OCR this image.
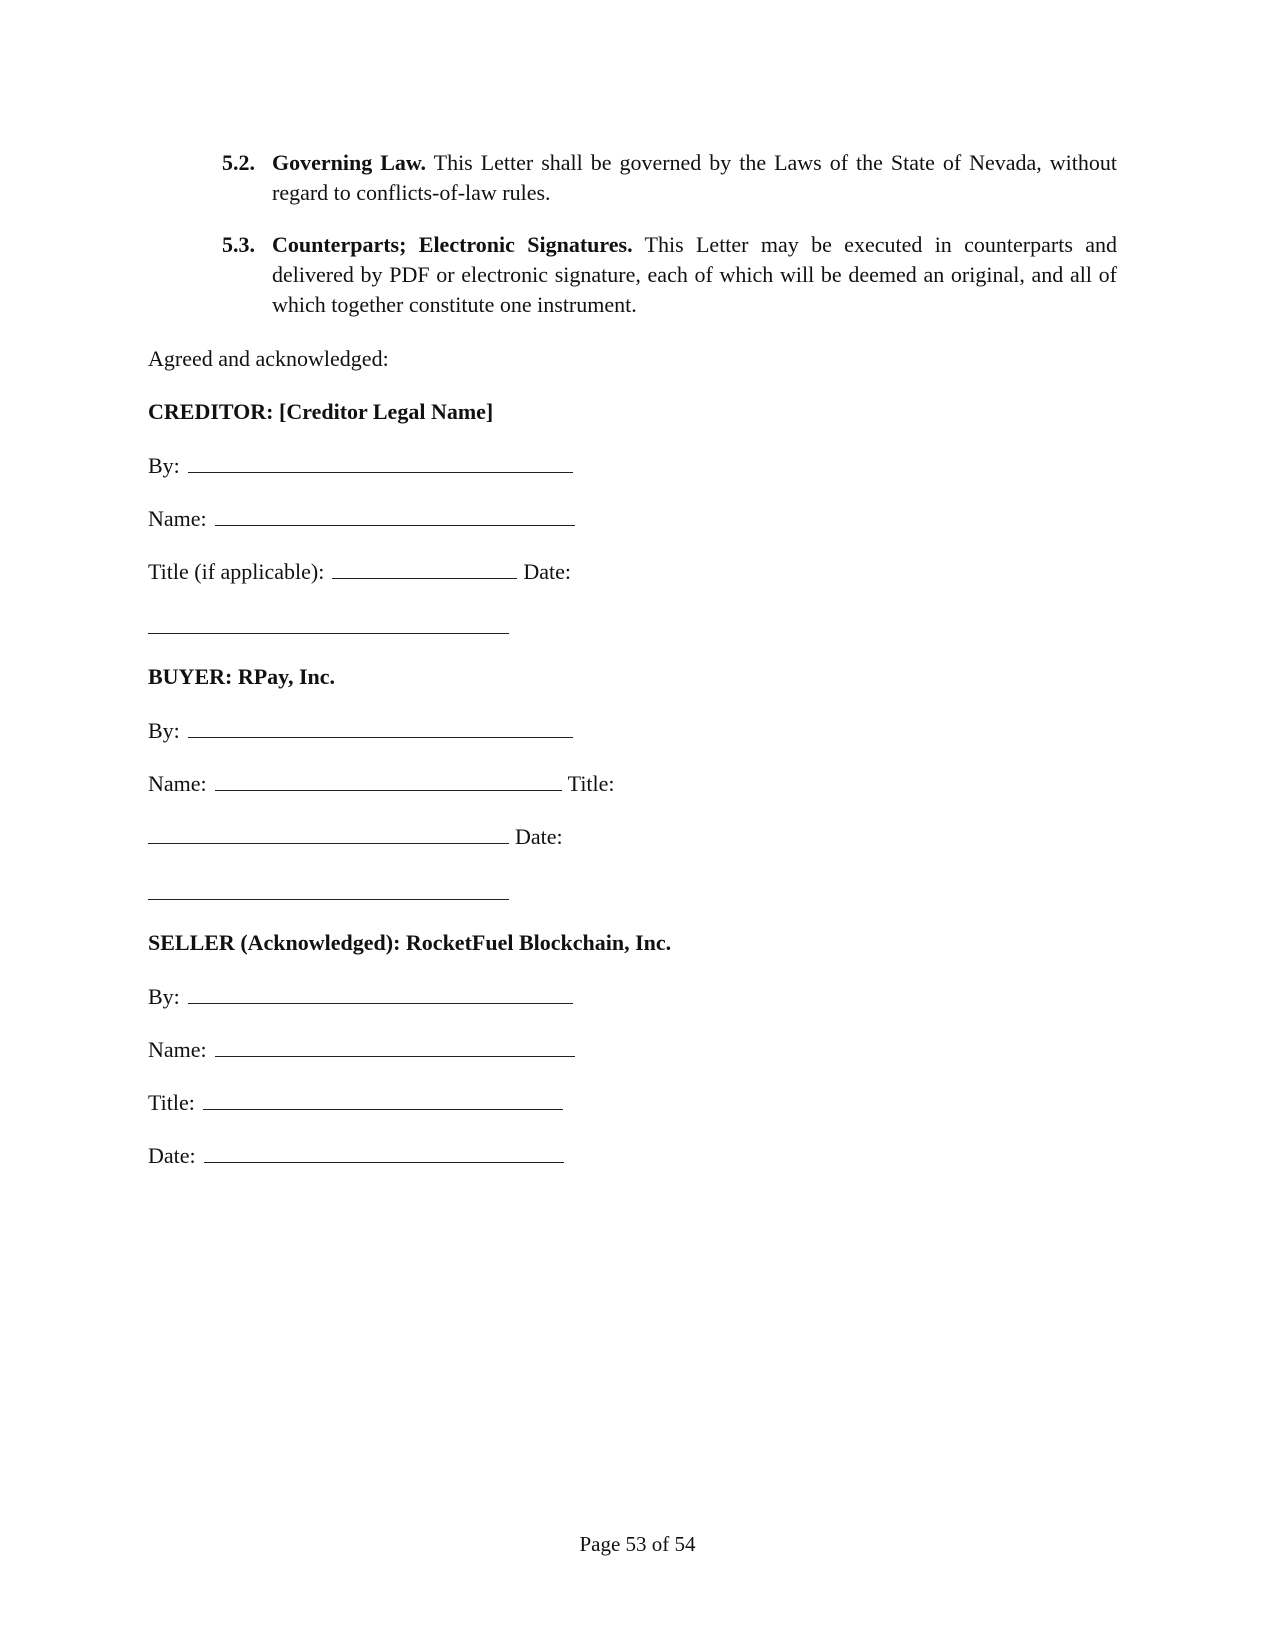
5.2. Governing Law. This Letter shall be governed by the Laws of the State of Nevada, without regard to conflicts-of-law rules.
5.3. Counterparts; Electronic Signatures. This Letter may be executed in counterparts and delivered by PDF or electronic signature, each of which will be deemed an original, and all of which together constitute one instrument.
Agreed and acknowledged:
CREDITOR: [Creditor Legal Name]
By:
Name:
Title (if applicable):	Date:
BUYER: RPay, Inc.
By:
Name:	Title:
Date:
SELLER (Acknowledged): RocketFuel Blockchain, Inc.
By:
Name:
Title:
Date:
Page 53 of 54
